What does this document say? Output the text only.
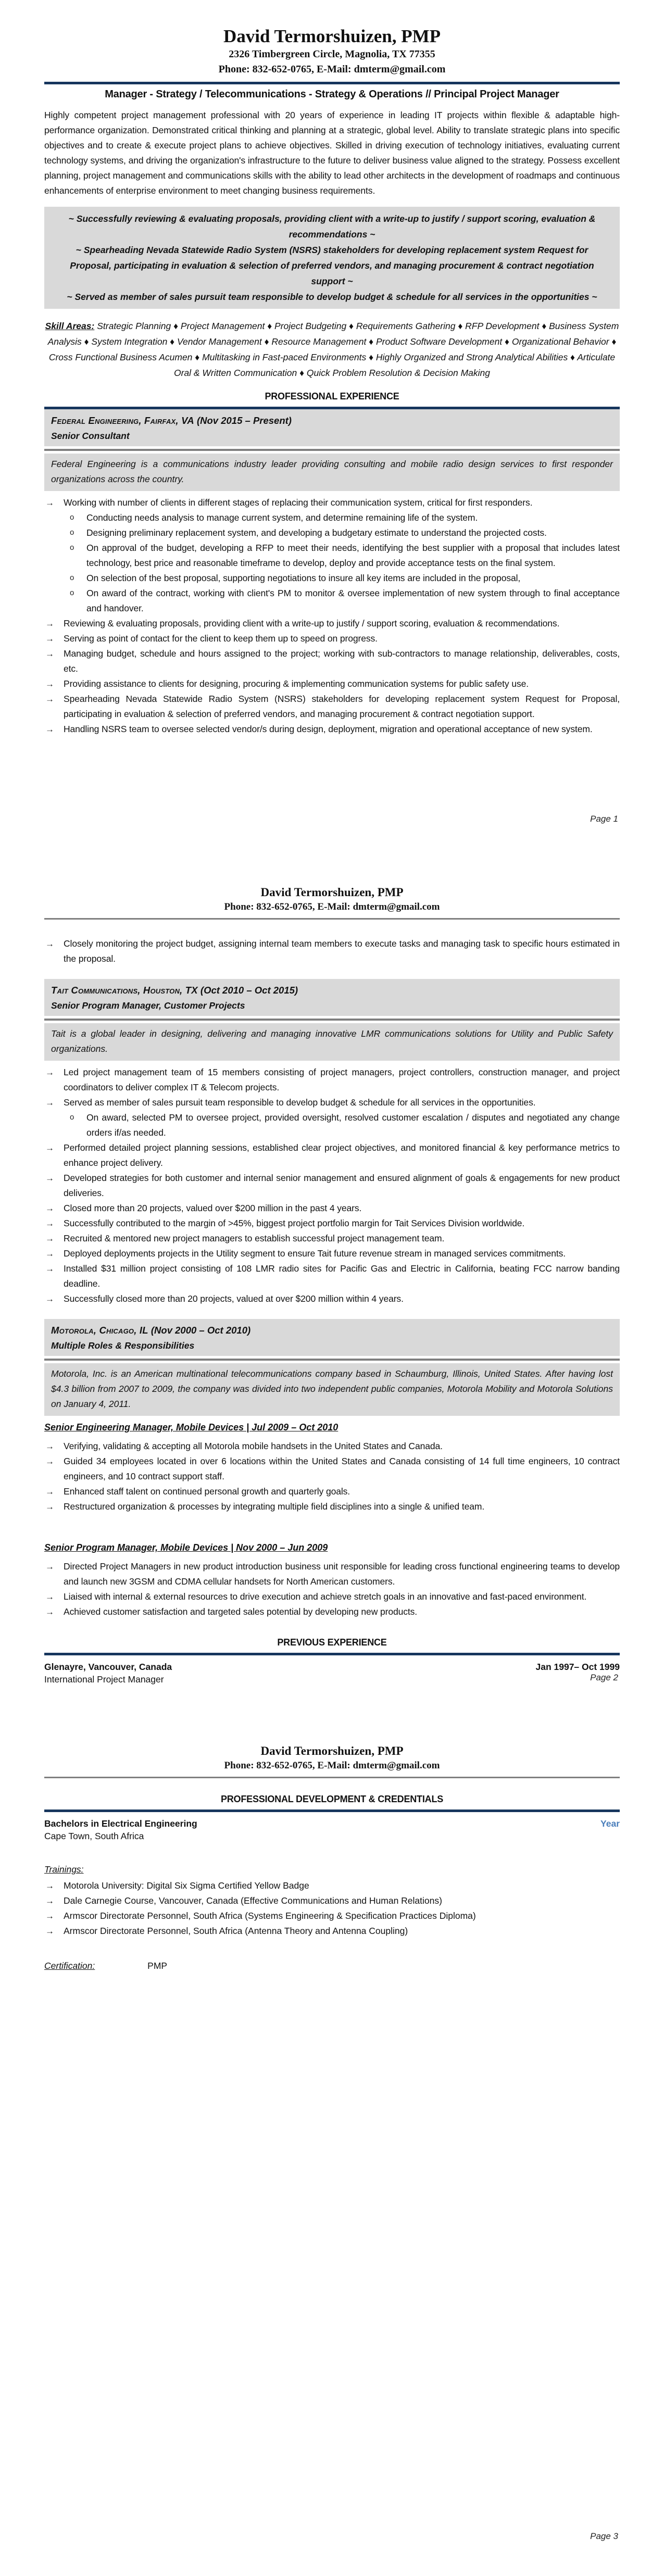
David Termorshuizen, PMP
2326 Timbergreen Circle, Magnolia, TX 77355
Phone: 832-652-0765, E-Mail: dmterm@gmail.com
Manager - Strategy / Telecommunications - Strategy & Operations // Principal Project Manager

Highly competent project management professional with 20 years of experience in leading IT projects within flexible & adaptable high-performance organization. Demonstrated critical thinking and planning at a strategic, global level. Ability to translate strategic plans into specific objectives and to create & execute project plans to achieve objectives. Skilled in driving execution of technology initiatives, evaluating current technology systems, and driving the organization's infrastructure to the future to deliver business value aligned to the strategy. Possess excellent planning, project management and communications skills with the ability to lead other architects in the development of roadmaps and continuous enhancements of enterprise environment to meet changing business requirements.

~ Successfully reviewing & evaluating proposals, providing client with a write-up to justify / support scoring, evaluation & recommendations ~

~ Spearheading Nevada Statewide Radio System (NSRS) stakeholders for developing replacement system Request for Proposal, participating in evaluation & selection of preferred vendors, and managing procurement & contract negotiation support ~

~ Served as member of sales pursuit team responsible to develop budget & schedule for all services in the opportunities ~

Skill Areas: Strategic Planning ♦ Project Management ♦ Project Budgeting ♦ Requirements Gathering ♦ RFP Development ♦ Business System Analysis ♦ System Integration ♦ Vendor Management ♦ Resource Management ♦ Product Software Development ♦ Organizational Behavior ♦ Cross Functional Business Acumen ♦ Multitasking in Fast-paced Environments ♦ Highly Organized and Strong Analytical Abilities ♦ Articulate Oral & Written Communication ♦ Quick Problem Resolution & Decision Making

PROFESSIONAL EXPERIENCE
Federal Engineering, Fairfax, VA (Nov 2015 – Present)
Senior Consultant
Federal Engineering is a communications industry leader providing consulting and mobile radio design services to first responder organizations across the country.
→ Working with number of clients in different stages of replacing their communication system, critical for first responders.
o Conducting needs analysis to manage current system, and determine remaining life of the system.
o Designing preliminary replacement system, and developing a budgetary estimate to understand the projected costs.
o On approval of the budget, developing a RFP to meet their needs, identifying the best supplier with a proposal that includes latest technology, best price and reasonable timeframe to develop, deploy and provide acceptance tests on the final system.
o On selection of the best proposal, supporting negotiations to insure all key items are included in the proposal,
o On award of the contract, working with client's PM to monitor & oversee implementation of new system through to final acceptance and handover.
→ Reviewing & evaluating proposals, providing client with a write-up to justify / support scoring, evaluation & recommendations.
→ Serving as point of contact for the client to keep them up to speed on progress.
→ Managing budget, schedule and hours assigned to the project; working with sub-contractors to manage relationship, deliverables, costs, etc.
→ Providing assistance to clients for designing, procuring & implementing communication systems for public safety use.
→ Spearheading Nevada Statewide Radio System (NSRS) stakeholders for developing replacement system Request for Proposal, participating in evaluation & selection of preferred vendors, and managing procurement & contract negotiation support.
→ Handling NSRS team to oversee selected vendor/s during design, deployment, migration and operational acceptance of new system.
Page 1
David Termorshuizen, PMP
Phone: 832-652-0765, E-Mail: dmterm@gmail.com
→ Closely monitoring the project budget, assigning internal team members to execute tasks and managing task to specific hours estimated in the proposal.
Tait Communications, Houston, TX (Oct 2010 – Oct 2015)
Senior Program Manager, Customer Projects
Tait is a global leader in designing, delivering and managing innovative LMR communications solutions for Utility and Public Safety organizations.
→ Led project management team of 15 members consisting of project managers, project controllers, construction manager, and project coordinators to deliver complex IT & Telecom projects.
→ Served as member of sales pursuit team responsible to develop budget & schedule for all services in the opportunities.
o On award, selected PM to oversee project, provided oversight, resolved customer escalation / disputes and negotiated any change orders if/as needed.
→ Performed detailed project planning sessions, established clear project objectives, and monitored financial & key performance metrics to enhance project delivery.
→ Developed strategies for both customer and internal senior management and ensured alignment of goals & engagements for new product deliveries.
→ Closed more than 20 projects, valued over $200 million in the past 4 years.
→ Successfully contributed to the margin of >45%, biggest project portfolio margin for Tait Services Division worldwide.
→ Recruited & mentored new project managers to establish successful project management team.
→ Deployed deployments projects in the Utility segment to ensure Tait future revenue stream in managed services commitments.
→ Installed $31 million project consisting of 108 LMR radio sites for Pacific Gas and Electric in California, beating FCC narrow banding deadline.
→ Successfully closed more than 20 projects, valued at over $200 million within 4 years.
Motorola, Chicago, IL (Nov 2000 – Oct 2010)
Multiple Roles & Responsibilities
Motorola, Inc. is an American multinational telecommunications company based in Schaumburg, Illinois, United States. After having lost $4.3 billion from 2007 to 2009, the company was divided into two independent public companies, Motorola Mobility and Motorola Solutions on January 4, 2011.
Senior Engineering Manager, Mobile Devices | Jul 2009 – Oct 2010
→ Verifying, validating & accepting all Motorola mobile handsets in the United States and Canada.
→ Guided 34 employees located in over 6 locations within the United States and Canada consisting of 14 full time engineers, 10 contract engineers, and 10 contract support staff.
→ Enhanced staff talent on continued personal growth and quarterly goals.
→ Restructured organization & processes by integrating multiple field disciplines into a single & unified team.
Senior Program Manager, Mobile Devices | Nov 2000 – Jun 2009
→ Directed Project Managers in new product introduction business unit responsible for leading cross functional engineering teams to develop and launch new 3GSM and CDMA cellular handsets for North American customers.
→ Liaised with internal & external resources to drive execution and achieve stretch goals in an innovative and fast-paced environment.
→ Achieved customer satisfaction and targeted sales potential by developing new products.
PREVIOUS EXPERIENCE
Glenayre, Vancouver, Canada	Jan 1997– Oct 1999
International Project Manager	Page 2
David Termorshuizen, PMP
Phone: 832-652-0765, E-Mail: dmterm@gmail.com
PROFESSIONAL DEVELOPMENT & CREDENTIALS
Bachelors in Electrical Engineering	Year
Cape Town, South Africa
Trainings:
→ Motorola University: Digital Six Sigma Certified Yellow Badge
→ Dale Carnegie Course, Vancouver, Canada (Effective Communications and Human Relations)
→ Armscor Directorate Personnel, South Africa (Systems Engineering & Specification Practices Diploma)
→ Armscor Directorate Personnel, South Africa (Antenna Theory and Antenna Coupling)
Certification:	PMP
Page 3
